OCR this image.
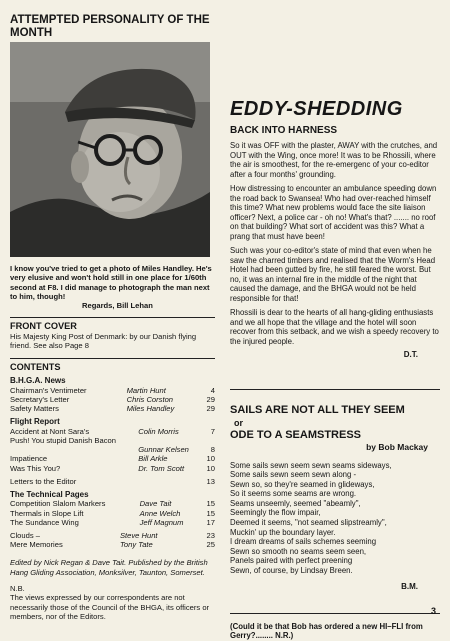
ATTEMPTED PERSONALITY OF THE MONTH
I know you've tried to get a photo of Miles Handley. He's very elusive and won't hold still in one place for 1/60th second at F8. I did manage to photograph the man next to him, though!
Regards, Bill Lehan
FRONT COVER
His Majesty King Post of Denmark: by our Danish flying friend. See also Page 8
CONTENTS
B.H.G.A. News
Chairman's Ventimeter	Martin Hunt	4
Secretary's Letter	Chris Corston	29
Safety Matters	Miles Handley	29
Flight Report
Accident at Nont Sara's	Colin Morris	7
Push! You stupid Danish Bacon		
	Gunnar Kelsen	8
Impatience	Bill Arkle	10
Was This You?	Dr. Tom Scott	10
Letters to the Editor		13
The Technical Pages
Competition Slalom Markers	Dave Tait	15
Thermals in Slope Lift	Anne Welch	15
The Sundance Wing	Jeff Magnum	17
Clouds –	Steve Hunt	23
Mere Memories	Tony Tate	25
Edited by Nick Regan & Dave Tait. Published by the British Hang Gliding Association, Monksilver, Taunton, Somerset.
N.B.
The views expressed by our correspondents are not necessarily those of the Council of the BHGA, its officers or members, nor of the Editors.
EDDY-SHEDDING
BACK INTO HARNESS
So it was OFF with the plaster, AWAY with the crutches, and OUT with the Wing, once more! It was to be Rhossili, where the air is smoothest, for the re-emergenc of your co-editor after a four months' grounding.
How distressing to encounter an ambulance speeding down the road back to Swansea! Who had over-reached himself this time? What new problems would face the site liaison officer? Next, a police car - oh no! What's that? ....... no roof on that building? What sort of accident was this? What a prang that must have been!
Such was your co-editor's state of mind that even when he saw the charred timbers and realised that the Worm's Head Hotel had been gutted by fire, he still feared the worst. But no, it was an internal fire in the middle of the night that caused the damage, and the BHGA would not be held responsible for that!
Rhossili is dear to the hearts of all hang-gliding enthusiasts and we all hope that the village and the hotel will soon recover from this setback, and we wish a speedy recovery to the injured people.
D.T.
SAILS ARE NOT ALL THEY SEEM
or
ODE TO A SEAMSTRESS
by Bob Mackay
Some sails sewn seem sewn seams sideways,
Some sails sewn seem sewn along -
Sewn so, so they're seamed in glideways,
So it seems some seams are wrong.
Seams unseemly, seemed "abeamly",
Seemingly the flow impair,
Deemed it seems, "not seamed slipstreamly",
Muckin' up the boundary layer.
I dream dreams of sails schemes seeming
Sewn so smooth no seams seem seen,
Panels paired with perfect preening
Sewn, of course, by Lindsay Breen.
B.M.
(Could it be that Bob has ordered a new HI–FLI from Gerry?........ N.R.)
3
